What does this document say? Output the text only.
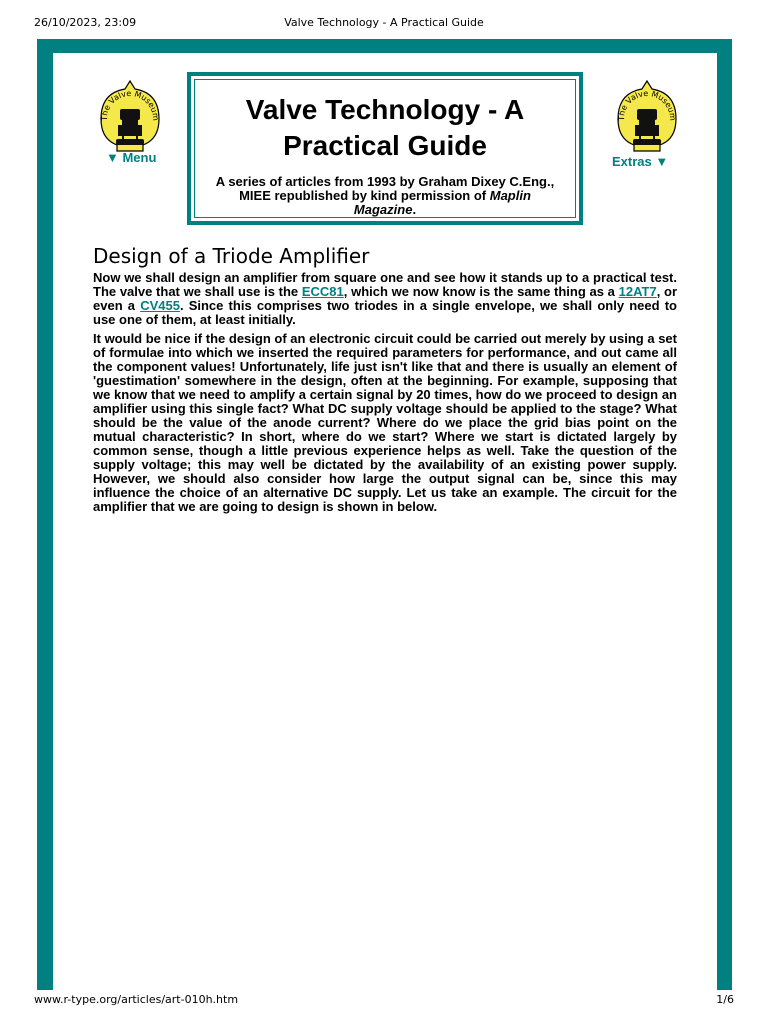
26/10/2023, 23:09	Valve Technology - A Practical Guide
The Valve Museum
▼ Menu
The Valve Museum
Extras ▼
Valve Technology - A Practical Guide
A series of articles from 1993 by Graham Dixey C.Eng., MIEE republished by kind permission of Maplin Magazine.
Design of a Triode Amplifier

Now we shall design an amplifier from square one and see how it stands up to a practical test. The valve that we shall use is the ECC81, which we now know is the same thing as a 12AT7, or even a CV455. Since this comprises two triodes in a single envelope, we shall only need to use one of them, at least initially.

It would be nice if the design of an electronic circuit could be carried out merely by using a set of formulae into which we inserted the required parameters for performance, and out came all the component values! Unfortunately, life just isn't like that and there is usually an element of 'guestimation' somewhere in the design, often at the beginning. For example, supposing that we know that we need to amplify a certain signal by 20 times, how do we proceed to design an amplifier using this single fact? What DC supply voltage should be applied to the stage? What should be the value of the anode current? Where do we place the grid bias point on the mutual characteristic? In short, where do we start? Where we start is dictated largely by common sense, though a little previous experience helps as well. Take the question of the supply voltage; this may well be dictated by the availability of an existing power supply. However, we should also consider how large the output signal can be, since this may influence the choice of an alternative DC supply. Let us take an example. The circuit for the amplifier that we are going to design is shown in below.

www.r-type.org/articles/art-010h.htm	1/6
